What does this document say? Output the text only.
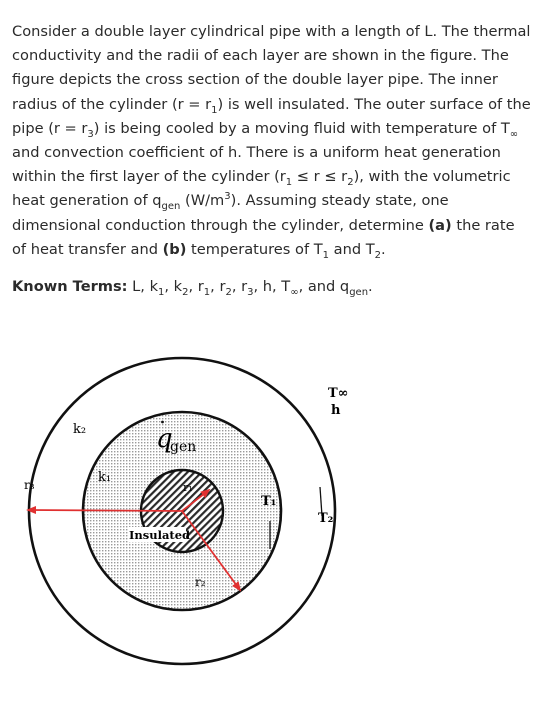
Consider a double layer cylindrical pipe with a length of L. The thermal conductivity and the radii of each layer are shown in the figure. The figure depicts the cross section of the double layer pipe. The inner radius of the cylinder $(r = r_1)$ is well insulated. The outer surface of the pipe $(r = r_3)$ is being cooled by a moving fluid with temperature of $T_\infty$ and convection coefficient of h. There is a uniform heat generation within the first layer of the cylinder $(r_1 \le r \le r_2)$, with the volumetric heat generation of $q_{gen}$ $(W/m^3)$. Assuming steady state, one dimensional conduction through the cylinder, determine (a) the rate of heat transfer and (b) temperatures of $T_1$ and $T_2$.

Known Terms: L, $k_1$, $k_2$, $r_1$, $r_2$, $r_3$, h, $T_\infty$, and $q_{gen}$.
T∞
h
k₂
k₁
q
gen
r₃	r₁
r₂
T₁
T₂
Insulated
